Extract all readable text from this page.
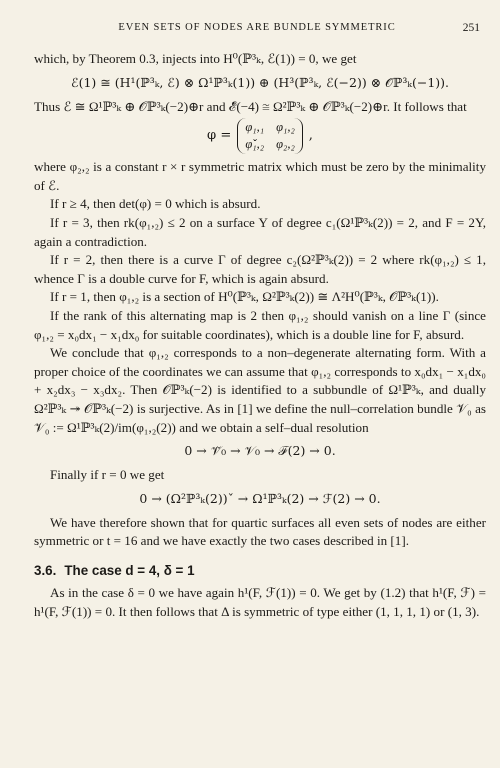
EVEN SETS OF NODES ARE BUNDLE SYMMETRIC	251

which, by Theorem 0.3, injects into H⁰(ℙ³ₖ, ℰ(1)) = 0, we get

ℰ(1) ≅ (H¹(ℙ³ₖ, ℰ) ⊗ Ω¹ℙ³ₖ(1)) ⊕ (H³(ℙ³ₖ, ℰ(−2)) ⊗ 𝒪ℙ³ₖ(−1)).

Thus ℰ ≅ Ω¹ℙ³ₖ ⊕ 𝒪ℙ³ₖ(−2)⊕r and ℰ̌(−4) ≅ Ω²ℙ³ₖ ⊕ 𝒪ℙ³ₖ(−2)⊕r. It follows that

φ =
φ₁,₁ φ₁,₂
φ̌₁,₂ φ₂,₂
,

where φ₂,₂ is a constant r × r symmetric matrix which must be zero by the minimality of ℰ.

If r ≥ 4, then det(φ) = 0 which is absurd.

If r = 3, then rk(φ₁,₂) ≤ 2 on a surface Y of degree c₁(Ω¹ℙ³ₖ(2)) = 2, and F = 2Y, again a contradiction.

If r = 2, then there is a curve Γ of degree c₂(Ω²ℙ³ₖ(2)) = 2 where rk(φ₁,₂) ≤ 1, whence Γ is a double curve for F, which is again absurd.

If r = 1, then φ₁,₂ is a section of H⁰(ℙ³ₖ, Ω²ℙ³ₖ(2)) ≅ Λ²H⁰(ℙ³ₖ, 𝒪ℙ³ₖ(1)).

If the rank of this alternating map is 2 then φ₁,₂ should vanish on a line Γ (since φ₁,₂ = x₀dx₁ − x₁dx₀ for suitable coordinates), which is a double line for F, absurd.

We conclude that φ₁,₂ corresponds to a non–degenerate alternating form. With a proper choice of the coordinates we can assume that φ₁,₂ corresponds to x₀dx₁ − x₁dx₀ + x₂dx₃ − x₃dx₂. Then 𝒪ℙ³ₖ(−2) is identified to a subbundle of Ω¹ℙ³ₖ, and dually Ω²ℙ³ₖ ↠ 𝒪ℙ³ₖ(−2) is surjective. As in [1] we define the null–correlation bundle 𝒱₀ as 𝒱₀ := Ω¹ℙ³ₖ(2)/im(φ₁,₂(2)) and we obtain a self–dual resolution

0 → 𝒱̌₀ → 𝒱₀ → ℱ(2) → 0.

Finally if r = 0 we get

0 → (Ω²ℙ³ₖ(2))ˇ → Ω¹ℙ³ₖ(2) → ℱ(2) → 0.

We have therefore shown that for quartic surfaces all even sets of nodes are either symmetric or t = 16 and we have exactly the two cases described in [1].

3.6. The case d = 4, δ = 1

As in the case δ = 0 we have again h¹(F, ℱ(1)) = 0. We get by (1.2) that h¹(F, ℱ) = h¹(F, ℱ(1)) = 0. It then follows that Δ is symmetric of type either (1, 1, 1, 1) or (1, 3).
